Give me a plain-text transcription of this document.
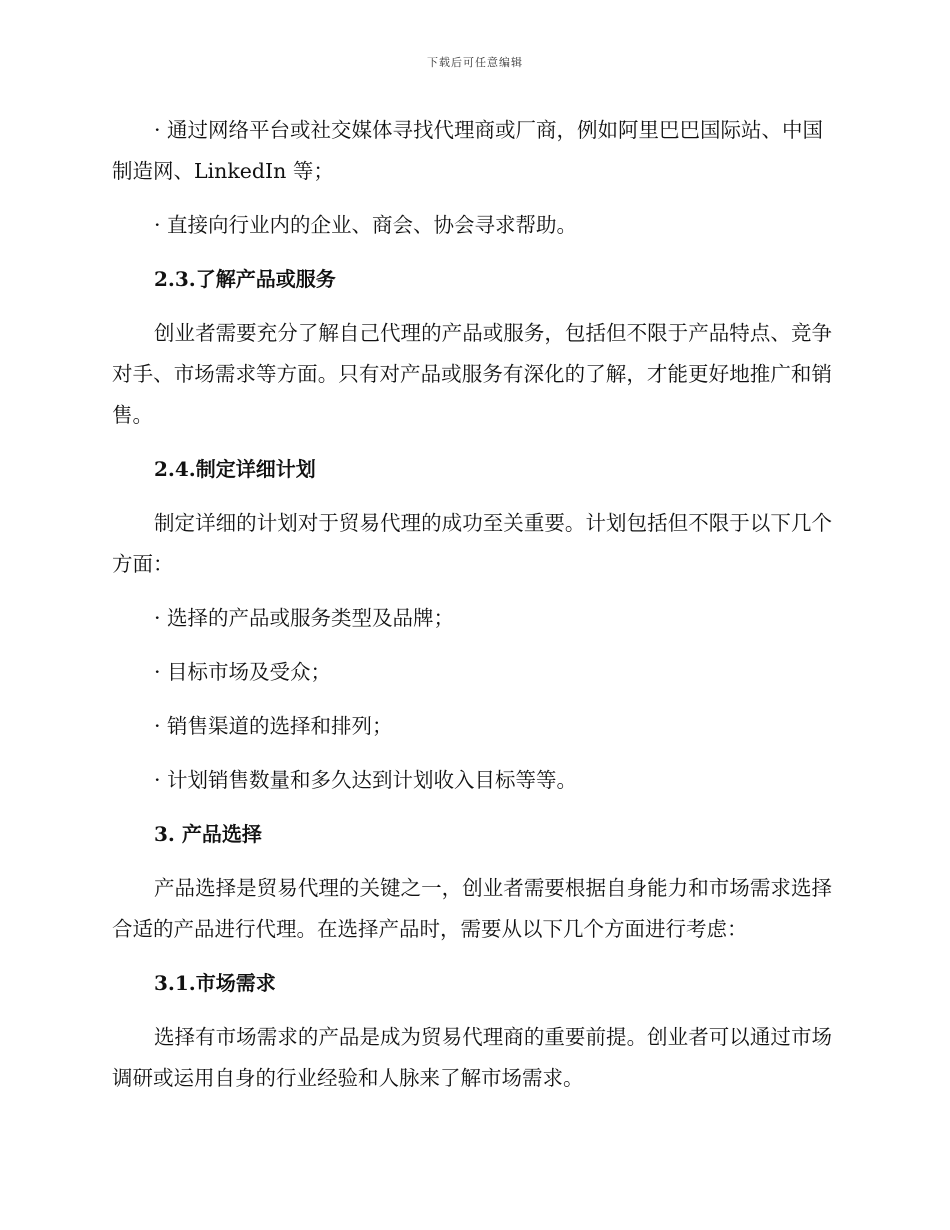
下载后可任意编辑

· 通过网络平台或社交媒体寻找代理商或厂商，例如阿里巴巴国际站、中国制造网、LinkedIn 等；

· 直接向行业内的企业、商会、协会寻求帮助。

2.3.了解产品或服务

创业者需要充分了解自己代理的产品或服务，包括但不限于产品特点、竞争对手、市场需求等方面。只有对产品或服务有深化的了解，才能更好地推广和销售。

2.4.制定详细计划

制定详细的计划对于贸易代理的成功至关重要。计划包括但不限于以下几个方面：

· 选择的产品或服务类型及品牌；

· 目标市场及受众；

· 销售渠道的选择和排列；

· 计划销售数量和多久达到计划收入目标等等。

3. 产品选择

产品选择是贸易代理的关键之一，创业者需要根据自身能力和市场需求选择合适的产品进行代理。在选择产品时，需要从以下几个方面进行考虑：

3.1.市场需求

选择有市场需求的产品是成为贸易代理商的重要前提。创业者可以通过市场调研或运用自身的行业经验和人脉来了解市场需求。
